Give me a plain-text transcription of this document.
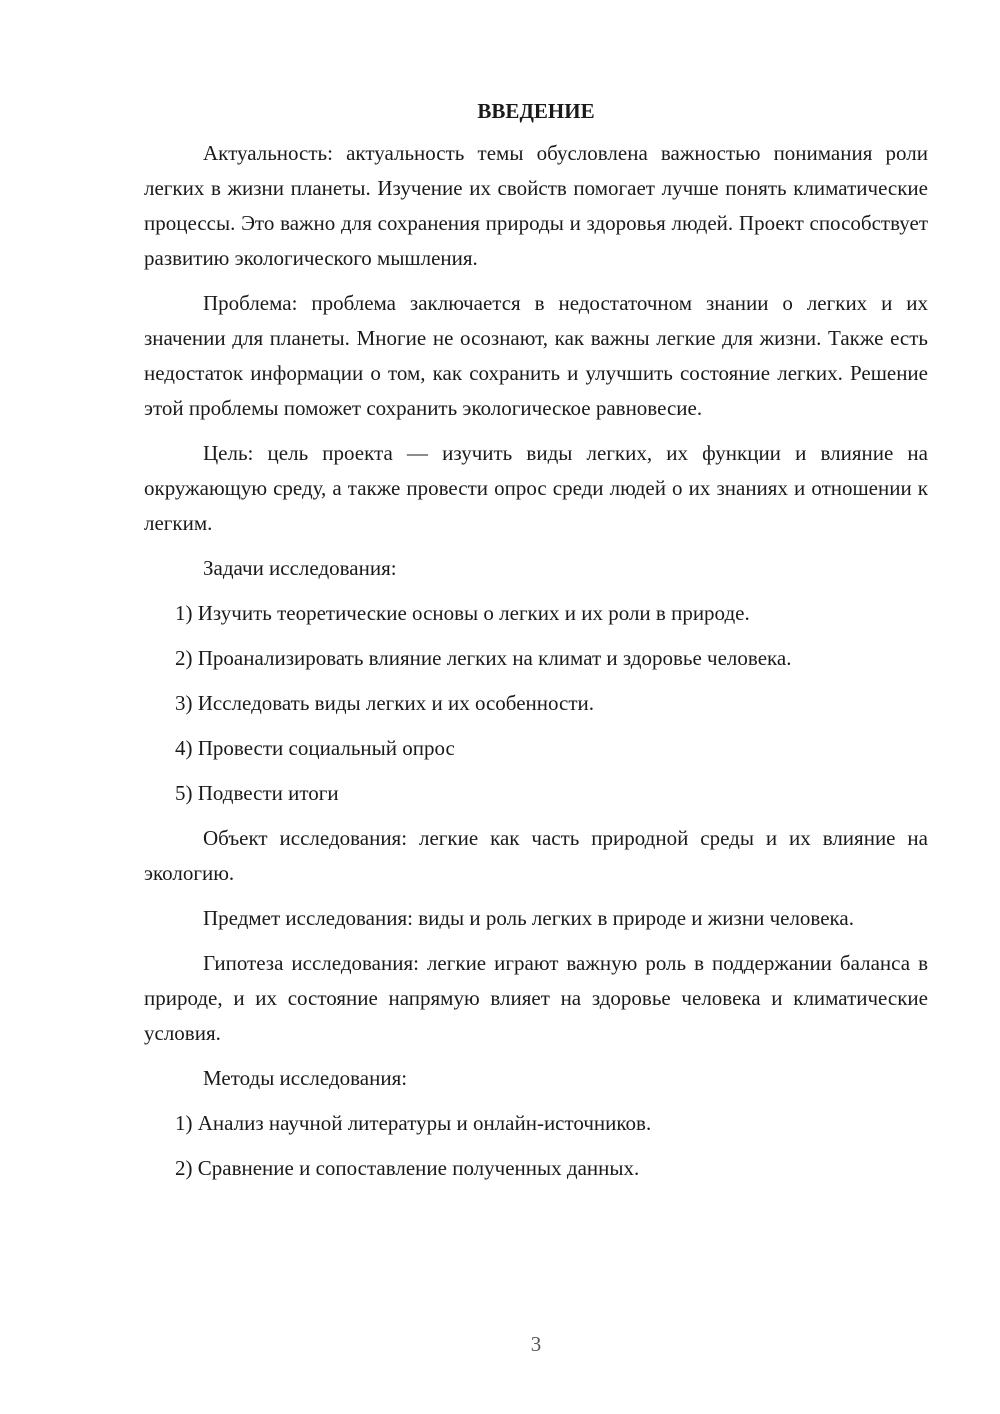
ВВЕДЕНИЕ

Актуальность: актуальность темы обусловлена важностью понимания роли легких в жизни планеты. Изучение их свойств помогает лучше понять климатические процессы. Это важно для сохранения природы и здоровья людей. Проект способствует развитию экологического мышления.

Проблема: проблема заключается в недостаточном знании о легких и их значении для планеты. Многие не осознают, как важны легкие для жизни. Также есть недостаток информации о том, как сохранить и улучшить состояние легких. Решение этой проблемы поможет сохранить экологическое равновесие.

Цель: цель проекта — изучить виды легких, их функции и влияние на окружающую среду, а также провести опрос среди людей о их знаниях и отношении к легким.

Задачи исследования:

1) Изучить теоретические основы о легких и их роли в природе.
2) Проанализировать влияние легких на климат и здоровье человека.
3) Исследовать виды легких и их особенности.
4) Провести социальный опрос
5) Подвести итоги

Объект исследования: легкие как часть природной среды и их влияние на экологию.

Предмет исследования: виды и роль легких в природе и жизни человека.

Гипотеза исследования: легкие играют важную роль в поддержании баланса в природе, и их состояние напрямую влияет на здоровье человека и климатические условия.

Методы исследования:

1) Анализ научной литературы и онлайн-источников.
2) Сравнение и сопоставление полученных данных.
3
